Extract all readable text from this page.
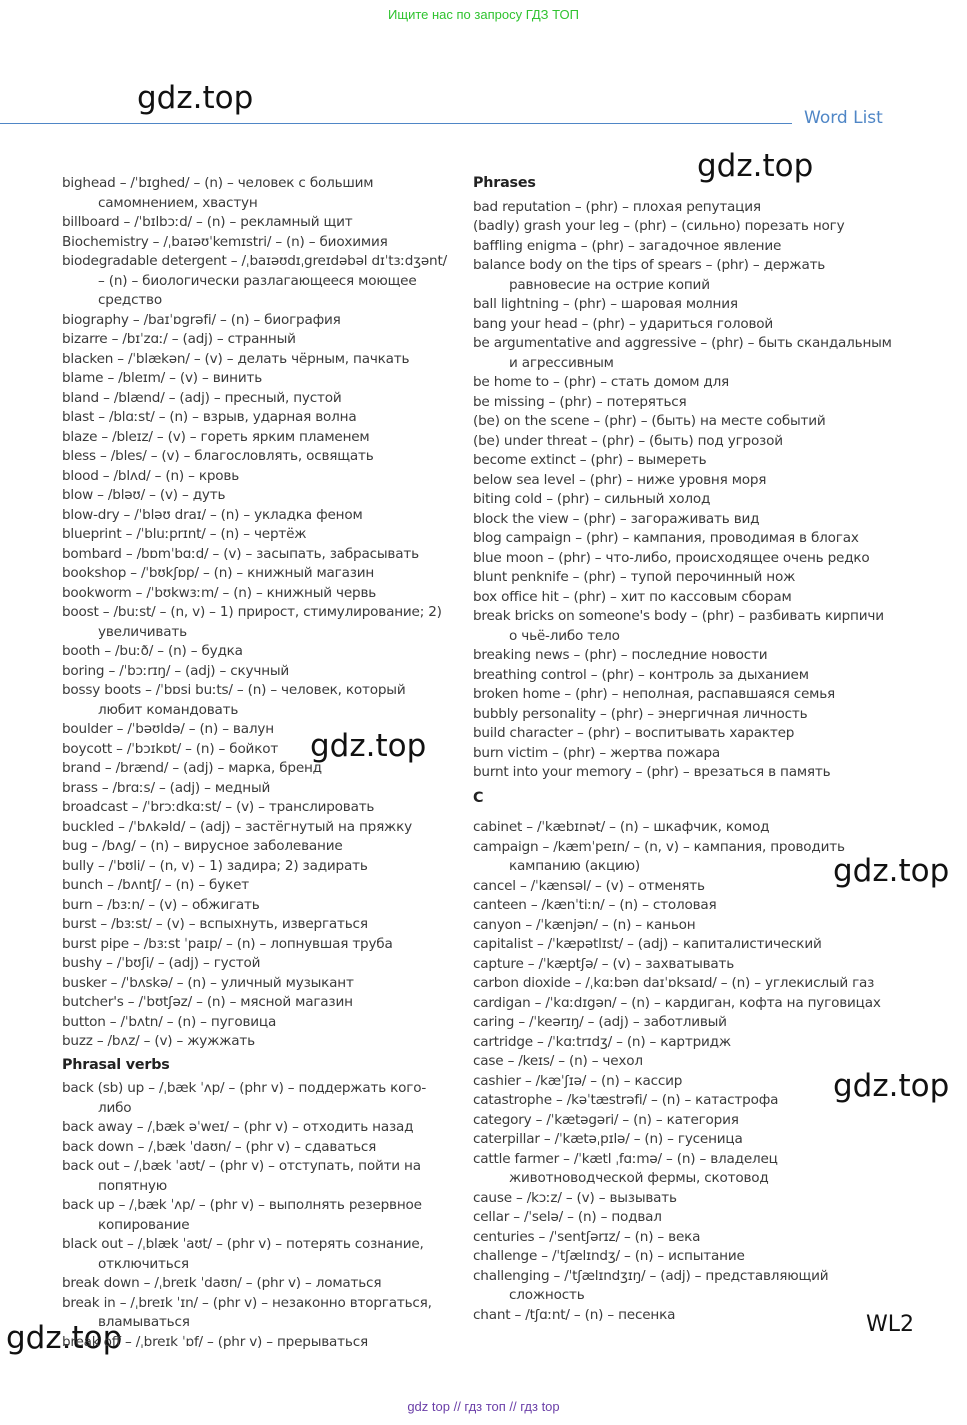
Ищите нас по запросу ГДЗ ТОП
gdz.top
gdz.top
gdz.top
gdz.top
gdz.top
gdz.top
Word List
bighead – /ˈbɪghed/ – (n) – человек с большим самомнением, хвастун
billboard – /ˈbɪlbɔːd/ – (n) – рекламный щит
Biochemistry – /ˌbaɪəʊˈkemɪstri/ – (n) – биохимия
biodegradable detergent – /ˌbaɪəʊdɪˌgreɪdəbəl dɪˈtɜːdʒənt/ – (n) – биологически разлагающееся моющее средство
biography – /baɪˈɒgrəfi/ – (n) – биография
bizarre – /bɪˈzɑː/ – (adj) – странный
blacken – /ˈblækən/ – (v) – делать чёрным, пачкать
blame – /bleɪm/ – (v) – винить
bland – /blænd/ – (adj) – пресный, пустой
blast – /blɑːst/ – (n) – взрыв, ударная волна
blaze – /bleɪz/ – (v) – гореть ярким пламенем
bless – /bles/ – (v) – благословлять, освящать
blood – /blʌd/ – (n) – кровь
blow – /bləʊ/ – (v) – дуть
blow-dry – /ˈbləʊ draɪ/ – (n) – укладка феном
blueprint – /ˈbluːprɪnt/ – (n) – чертёж
bombard – /bɒmˈbɑːd/ – (v) – засыпать, забрасывать
bookshop – /ˈbʊkʃɒp/ – (n) – книжный магазин
bookworm – /ˈbʊkwɜːm/ – (n) – книжный червь
boost – /buːst/ – (n, v) – 1) прирост, стимулирование; 2) увеличивать
booth – /buːð/ – (n) – будка
boring – /ˈbɔːrɪŋ/ – (adj) – скучный
bossy boots – /ˈbɒsi buːts/ – (n) – человек, который любит командовать
boulder – /ˈbəʊldə/ – (n) – валун
boycott – /ˈbɔɪkɒt/ – (n) – бойкот
brand – /brænd/ – (adj) – марка, бренд
brass – /brɑːs/ – (adj) – медный
broadcast – /ˈbrɔːdkɑːst/ – (v) – транслировать
buckled – /ˈbʌkəld/ – (adj) – застёгнутый на пряжку
bug – /bʌg/ – (n) – вирусное заболевание
bully – /ˈbʊli/ – (n, v) – 1) задира; 2) задирать
bunch – /bʌntʃ/ – (n) – букет
burn – /bɜːn/ – (v) – обжигать
burst – /bɜːst/ – (v) – вспыхнуть, извергаться
burst pipe – /bɜːst ˈpaɪp/ – (n) – лопнувшая труба
bushy – /ˈbʊʃi/ – (adj) – густой
busker – /ˈbʌskə/ – (n) – уличный музыкант
butcher's – /ˈbʊtʃəz/ – (n) – мясной магазин
button – /ˈbʌtn/ – (n) – пуговица
buzz – /bʌz/ – (v) – жужжать
Phrasal verbs
back (sb) up – /ˌbæk ˈʌp/ – (phr v) – поддержать кого-либо
back away – /ˌbæk əˈweɪ/ – (phr v) – отходить назад
back down – /ˌbæk ˈdaʊn/ – (phr v) – сдаваться
back out – /ˌbæk ˈaʊt/ – (phr v) – отступать, пойти на попятную
back up – /ˌbæk ˈʌp/ – (phr v) – выполнять резервное копирование
black out – /ˌblæk ˈaʊt/ – (phr v) – потерять сознание, отключиться
break down – /ˌbreɪk ˈdaʊn/ – (phr v) – ломаться
break in – /ˌbreɪk ˈɪn/ – (phr v) – незаконно вторгаться, вламываться
break off – /ˌbreɪk ˈɒf/ – (phr v) – прерываться
Phrases
bad reputation – (phr) – плохая репутация
(badly) grash your leg – (phr) – (сильно) порезать ногу
baffling enigma – (phr) – загадочное явление
balance body on the tips of spears – (phr) – держать равновесие на острие копий
ball lightning – (phr) – шаровая молния
bang your head – (phr) – удариться головой
be argumentative and aggressive – (phr) – быть скандальным и агрессивным
be home to – (phr) – стать домом для
be missing – (phr) – потеряться
(be) on the scene – (phr) – (быть) на месте событий
(be) under threat – (phr) – (быть) под угрозой
become extinct – (phr) – вымереть
below sea level – (phr) – ниже уровня моря
biting cold – (phr) – сильный холод
block the view – (phr) – загораживать вид
blog campaign – (phr) – кампания, проводимая в блогах
blue moon – (phr) – что-либо, происходящее очень редко
blunt penknife – (phr) – тупой перочинный нож
box office hit – (phr) – хит по кассовым сборам
break bricks on someone's body – (phr) – разбивать кирпичи о чьё-либо тело
breaking news – (phr) – последние новости
breathing control – (phr) – контроль за дыханием
broken home – (phr) – неполная, распавшаяся семья
bubbly personality – (phr) – энергичная личность
build character – (phr) – воспитывать характер
burn victim – (phr) – жертва пожара
burnt into your memory – (phr) – врезаться в память
C
cabinet – /ˈkæbɪnət/ – (n) – шкафчик, комод
campaign – /kæmˈpeɪn/ – (n, v) – кампания, проводить кампанию (акцию)
cancel – /ˈkænsəl/ – (v) – отменять
canteen – /kænˈtiːn/ – (n) – столовая
canyon – /ˈkænjən/ – (n) – каньон
capitalist – /ˈkæpətlɪst/ – (adj) – капиталистический
capture – /ˈkæptʃə/ – (v) – захватывать
carbon dioxide – /ˌkɑːbən daɪˈɒksaɪd/ – (n) – углекислый газ
cardigan – /ˈkɑːdɪgən/ – (n) – кардиган, кофта на пуговицах
caring – /ˈkeərɪŋ/ – (adj) – заботливый
cartridge – /ˈkɑːtrɪdʒ/ – (n) – картридж
case – /keɪs/ – (n) – чехол
cashier – /kæˈʃɪə/ – (n) – кассир
catastrophe – /kəˈtæstrəfi/ – (n) – катастрофа
category – /ˈkætəgəri/ – (n) – категория
caterpillar – /ˈkætəˌpɪlə/ – (n) – гусеница
cattle farmer – /ˈkætl ˌfɑːmə/ – (n) – владелец животноводческой фермы, скотовод
cause – /kɔːz/ – (v) – вызывать
cellar – /ˈselə/ – (n) – подвал
centuries – /ˈsentʃərɪz/ – (n) – века
challenge – /ˈtʃælɪndʒ/ – (n) – испытание
challenging – /ˈtʃælɪndʒɪŋ/ – (adj) – представляющий сложность
chant – /tʃɑːnt/ – (n) – песенка	WL2
gdz top // гдз топ // гдз top
